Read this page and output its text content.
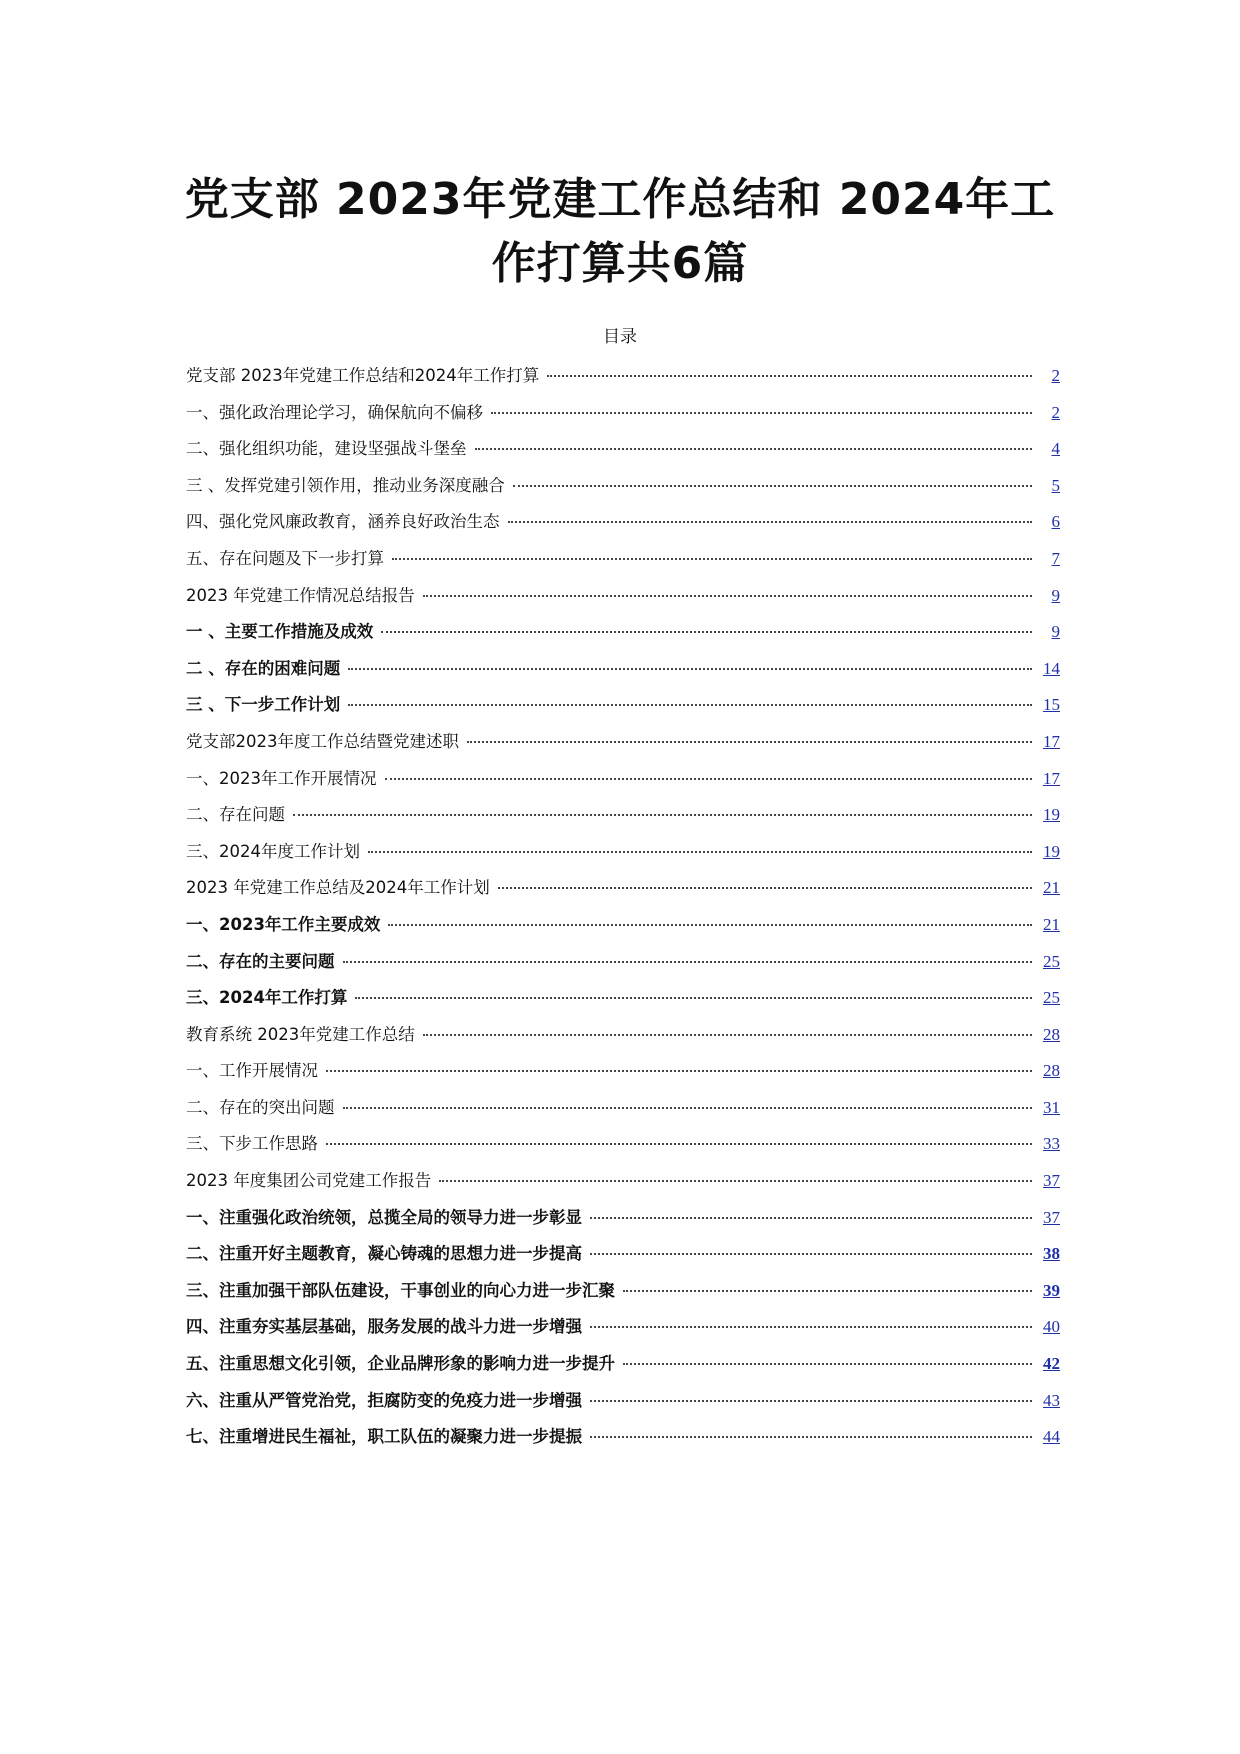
党支部 2023年党建工作总结和 2024年工
作打算共6篇
目录
党支部 2023年党建工作总结和2024年工作打算	2
一、强化政治理论学习，确保航向不偏移	2
二、强化组织功能，建设坚强战斗堡垒	4
三 、发挥党建引领作用，推动业务深度融合	5
四、强化党风廉政教育，涵养良好政治生态	6
五、存在问题及下一步打算	7
2023 年党建工作情况总结报告	9
一 、主要工作措施及成效	9
二 、存在的困难问题	14
三 、下一步工作计划	15
党支部2023年度工作总结暨党建述职	17
一、2023年工作开展情况	17
二、存在问题	19
三、2024年度工作计划	19
2023 年党建工作总结及2024年工作计划	21
一、2023年工作主要成效	21
二、存在的主要问题	25
三、2024年工作打算	25
教育系统 2023年党建工作总结	28
一、工作开展情况	28
二、存在的突出问题	31
三、下步工作思路	33
2023 年度集团公司党建工作报告	37
一、注重强化政治统领，总揽全局的领导力进一步彰显	37
二、注重开好主题教育，凝心铸魂的思想力进一步提高	38
三、注重加强干部队伍建设，干事创业的向心力进一步汇聚	39
四、注重夯实基层基础，服务发展的战斗力进一步增强	40
五、注重思想文化引领，企业品牌形象的影响力进一步提升	42
六、注重从严管党治党，拒腐防变的免疫力进一步增强	43
七、注重增进民生福祉，职工队伍的凝聚力进一步提振	44
